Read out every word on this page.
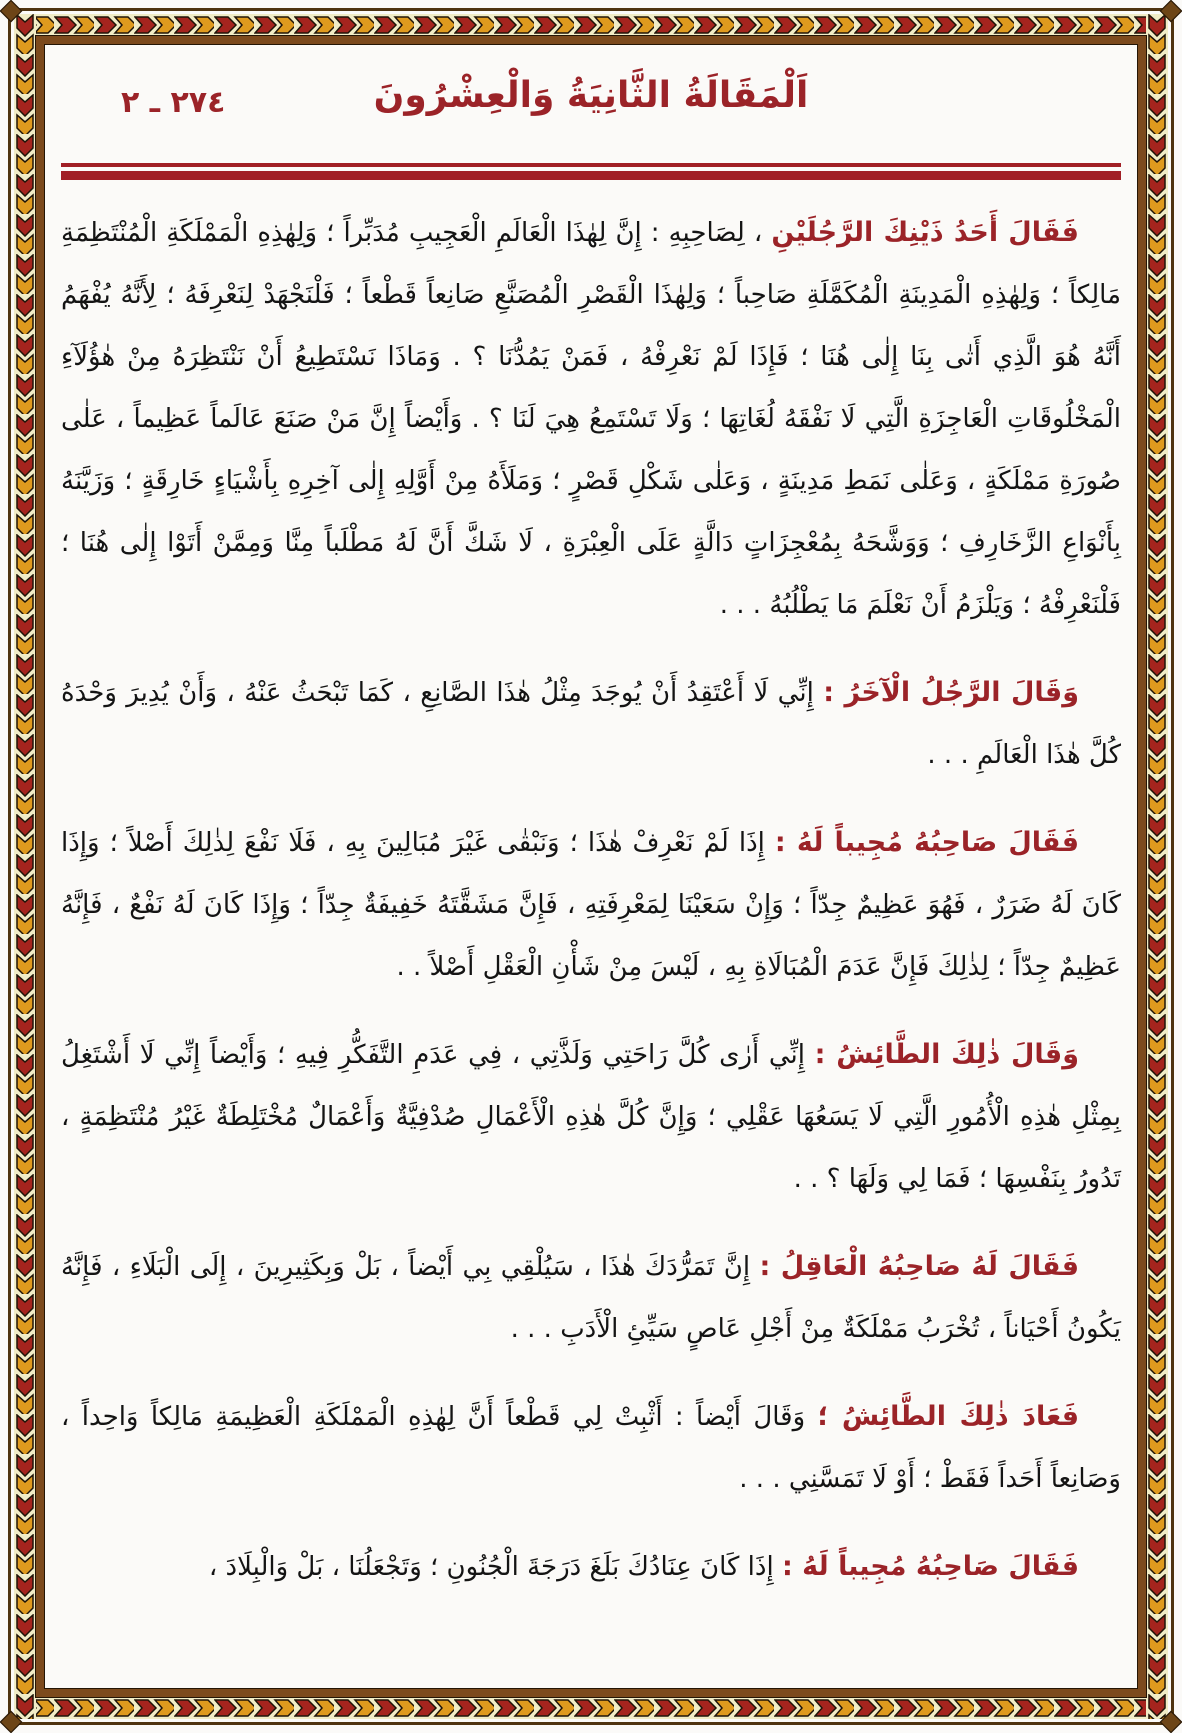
اَلْمَقَالَةُ الثَّانِيَةُ وَالْعِشْرُونَ
٢٧٤ ـ ٢

فَقَالَ أَحَدُ ذَيْنِكَ الرَّجُلَيْنِ ، لِصَاحِبِهِ : إِنَّ لِهٰذَا الْعَالَمِ الْعَجِيبِ مُدَبِّراً ؛ وَلِهٰذِهِ الْمَمْلَكَةِ الْمُنْتَظِمَةِ مَالِكاً ؛ وَلِهٰذِهِ الْمَدِينَةِ الْمُكَمَّلَةِ صَاحِباً ؛ وَلِهٰذَا الْقَصْرِ الْمُصَنَّعِ صَانِعاً قَطْعاً ؛ فَلْنَجْهَدْ لِنَعْرِفَهُ ؛ لِأَنَّهُ يُفْهَمُ أَنَّهُ هُوَ الَّذِي أَتٰى بِنَا إِلٰى هُنَا ؛ فَإِذَا لَمْ نَعْرِفْهُ ، فَمَنْ يَمُدُّنَا ؟ . وَمَاذَا نَسْتَطِيعُ أَنْ نَنْتَظِرَهُ مِنْ هٰؤُلَآءِ الْمَخْلُوقَاتِ الْعَاجِزَةِ الَّتِي لَا نَفْقَهُ لُغَاتِهَا ؛ وَلَا تَسْتَمِعُ هِيَ لَنَا ؟ . وَأَيْضاً إِنَّ مَنْ صَنَعَ عَالَماً عَظِيماً ، عَلٰى صُورَةِ مَمْلَكَةٍ ، وَعَلٰى نَمَطِ مَدِينَةٍ ، وَعَلٰى شَكْلِ قَصْرٍ ؛ وَمَلَأَهُ مِنْ أَوَّلِهِ إِلٰى آخِرِهِ بِأَشْيَاءٍ خَارِقَةٍ ؛ وَزَيَّنَهُ بِأَنْوَاعِ الزَّخَارِفِ ؛ وَوَشَّحَهُ بِمُعْجِزَاتٍ دَالَّةٍ عَلَى الْعِبْرَةِ ، لَا شَكَّ أَنَّ لَهُ مَطْلَباً مِنَّا وَمِمَّنْ أَتَوْا إِلٰى هُنَا ؛ فَلْنَعْرِفْهُ ؛ وَيَلْزَمُ أَنْ نَعْلَمَ مَا يَطْلُبُهُ . . .

وَقَالَ الرَّجُلُ الْآخَرُ : إِنِّي لَا أَعْتَقِدُ أَنْ يُوجَدَ مِثْلُ هٰذَا الصَّانِعِ ، كَمَا تَبْحَثُ عَنْهُ ، وَأَنْ يُدِيرَ وَحْدَهُ كُلَّ هٰذَا الْعَالَمِ . . .

فَقَالَ صَاحِبُهُ مُجِيباً لَهُ : إِذَا لَمْ نَعْرِفْ هٰذَا ؛ وَنَبْقٰى غَيْرَ مُبَالِينَ بِهِ ، فَلَا نَفْعَ لِذٰلِكَ أَصْلاً ؛ وَإِذَا كَانَ لَهُ ضَرَرٌ ، فَهُوَ عَظِيمٌ جِدّاً ؛ وَإِنْ سَعَيْنَا لِمَعْرِفَتِهِ ، فَإِنَّ مَشَقَّتَهُ خَفِيفَةٌ جِدّاً ؛ وَإِذَا كَانَ لَهُ نَفْعٌ ، فَإِنَّهُ عَظِيمٌ جِدّاً ؛ لِذٰلِكَ فَإِنَّ عَدَمَ الْمُبَالَاةِ بِهِ ، لَيْسَ مِنْ شَأْنِ الْعَقْلِ أَصْلاً . .

وَقَالَ ذٰلِكَ الطَّائِشُ : إِنِّي أَرٰى كُلَّ رَاحَتِي وَلَذَّتِي ، فِي عَدَمِ التَّفَكُّرِ فِيهِ ؛ وَأَيْضاً إِنِّي لَا أَشْتَغِلُ بِمِثْلِ هٰذِهِ الْأُمُورِ الَّتِي لَا يَسَعُهَا عَقْلِي ؛ وَإِنَّ كُلَّ هٰذِهِ الْأَعْمَالِ صُدْفِيَّةٌ وَأَعْمَالٌ مُخْتَلِطَةٌ غَيْرُ مُنْتَظِمَةٍ ، تَدُورُ بِنَفْسِهَا ؛ فَمَا لِي وَلَهَا ؟ . .

فَقَالَ لَهُ صَاحِبُهُ الْعَاقِلُ : إِنَّ تَمَرُّدَكَ هٰذَا ، سَيُلْقِي بِي أَيْضاً ، بَلْ وَبِكَثِيرِينَ ، إِلَى الْبَلَاءِ ، فَإِنَّهُ يَكُونُ أَحْيَاناً ، تُخْرَبُ مَمْلَكَةٌ مِنْ أَجْلِ عَاصٍ سَيِّئِ الْأَدَبِ . . .

فَعَادَ ذٰلِكَ الطَّائِشُ ؛ وَقَالَ أَيْضاً : أَثْبِتْ لِي قَطْعاً أَنَّ لِهٰذِهِ الْمَمْلَكَةِ الْعَظِيمَةِ مَالِكاً وَاحِداً ، وَصَانِعاً أَحَداً فَقَطْ ؛ أَوْ لَا تَمَسَّنِي . . .

فَقَالَ صَاحِبُهُ مُجِيباً لَهُ : إِذَا كَانَ عِنَادُكَ بَلَغَ دَرَجَةَ الْجُنُونِ ؛ وَتَجْعَلُنَا ، بَلْ وَالْبِلَادَ ،
